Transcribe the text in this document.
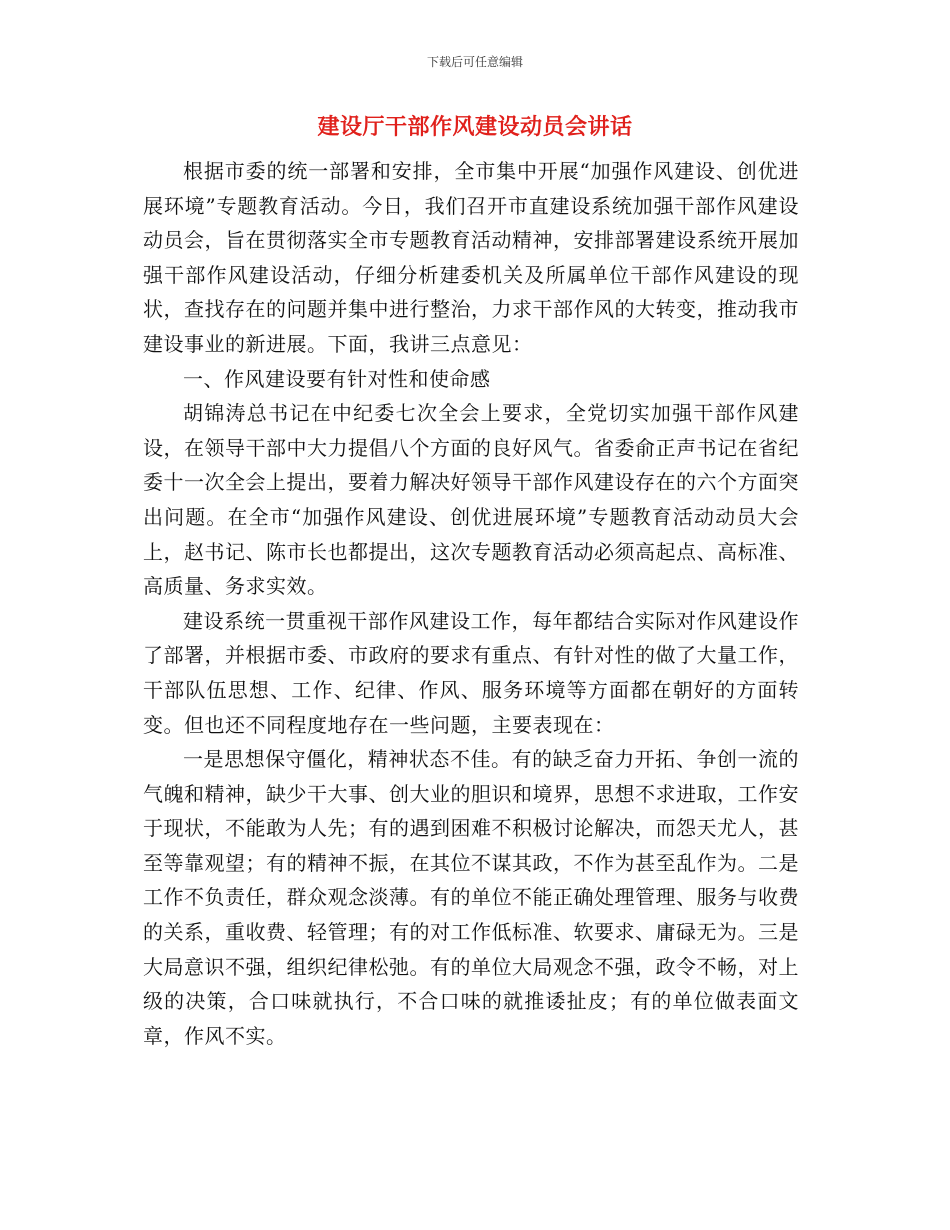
下载后可任意编辑
建设厅干部作风建设动员会讲话

根据市委的统一部署和安排，全市集中开展“加强作风建设、创优进展环境”专题教育活动。今日，我们召开市直建设系统加强干部作风建设动员会，旨在贯彻落实全市专题教育活动精神，安排部署建设系统开展加强干部作风建设活动，仔细分析建委机关及所属单位干部作风建设的现状，查找存在的问题并集中进行整治，力求干部作风的大转变，推动我市建设事业的新进展。下面，我讲三点意见：

一、作风建设要有针对性和使命感

胡锦涛总书记在中纪委七次全会上要求，全党切实加强干部作风建设，在领导干部中大力提倡八个方面的良好风气。省委俞正声书记在省纪委十一次全会上提出，要着力解决好领导干部作风建设存在的六个方面突出问题。在全市“加强作风建设、创优进展环境”专题教育活动动员大会上，赵书记、陈市长也都提出，这次专题教育活动必须高起点、高标准、高质量、务求实效。

建设系统一贯重视干部作风建设工作，每年都结合实际对作风建设作了部署，并根据市委、市政府的要求有重点、有针对性的做了大量工作，干部队伍思想、工作、纪律、作风、服务环境等方面都在朝好的方面转变。但也还不同程度地存在一些问题，主要表现在：

一是思想保守僵化，精神状态不佳。有的缺乏奋力开拓、争创一流的气魄和精神，缺少干大事、创大业的胆识和境界，思想不求进取，工作安于现状，不能敢为人先；有的遇到困难不积极讨论解决，而怨天尤人，甚至等靠观望；有的精神不振，在其位不谋其政，不作为甚至乱作为。二是工作不负责任，群众观念淡薄。有的单位不能正确处理管理、服务与收费的关系，重收费、轻管理；有的对工作低标准、软要求、庸碌无为。三是大局意识不强，组织纪律松弛。有的单位大局观念不强，政令不畅，对上级的决策，合口味就执行，不合口味的就推诿扯皮；有的单位做表面文章，作风不实。
